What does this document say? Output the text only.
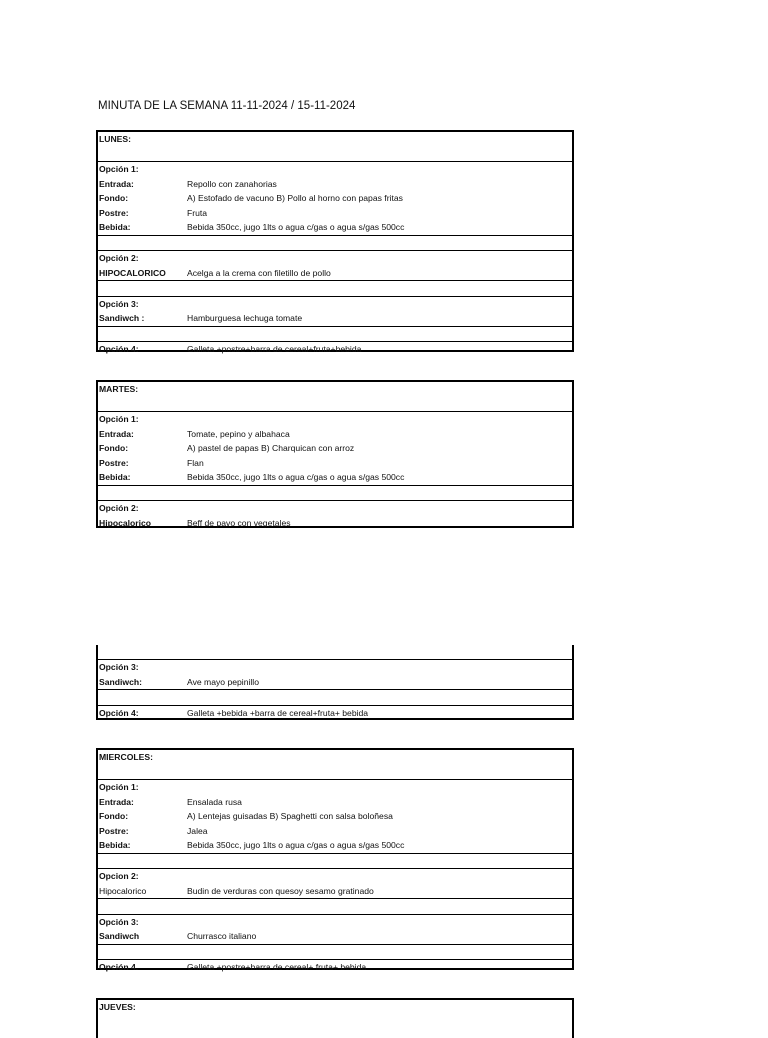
MINUTA DE LA SEMANA 11-11-2024 / 15-11-2024
LUNES:
Opción 1:
Entrada:	Repollo con zanahorias
Fondo:	A) Estofado de vacuno B) Pollo al horno con papas fritas
Postre:	Fruta
Bebida:	Bebida 350cc, jugo 1lts o agua c/gas o agua s/gas 500cc
Opción 2:
HIPOCALORICO Acelga a la crema con filetillo de pollo
Opción 3:
Sandiwch :	Hamburguesa lechuga tomate
Opción 4:	Galleta +postre+barra de cereal+fruta+bebida
MARTES:
Opción 1:
Entrada:	Tomate, pepino y albahaca
Fondo:	A) pastel de papas B) Charquican con arroz
Postre:	Flan
Bebida:	Bebida 350cc, jugo 1lts o agua c/gas o agua s/gas 500cc
Opción 2:
Hipocalorico	Beff de pavo con vegetales
Opción 3:
Sandiwch:	Ave mayo pepinillo
Opción 4:	Galleta +bebida +barra de cereal+fruta+ bebida
MIERCOLES:
Opción 1:
Entrada:	Ensalada rusa
Fondo:	A) Lentejas guisadas B) Spaghetti con salsa boloñesa
Postre:	Jalea
Bebida:	Bebida 350cc, jugo 1lts o agua c/gas o agua s/gas 500cc
Opcion 2:
Hipocalorico	Budin de verduras con quesoy sesamo gratinado
Opción 3:
Sandiwch	Churrasco italiano
Opción 4.	Galleta +postre+barra de cereal+ fruta+ bebida
JUEVES:
